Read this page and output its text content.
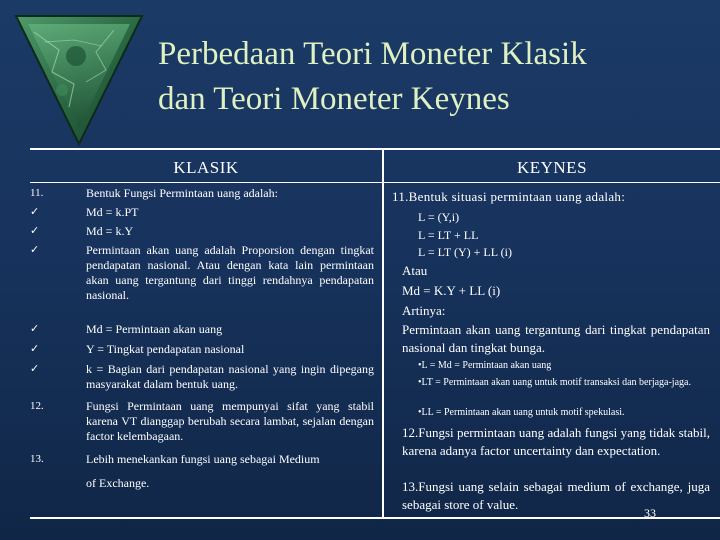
Perbedaan Teori Moneter Klasik
dan Teori Moneter Keynes
KLASIK	KEYNES
11.	Bentuk Fungsi Permintaan uang adalah:
✓	Md = k.PT
✓	Md = k.Y
✓	Permintaan akan uang adalah Proporsion dengan tingkat pendapatan nasional. Atau dengan kata lain permintaan akan uang tergantung dari tinggi rendahnya pendapatan nasional.
✓	Md = Permintaan akan uang
✓	Y = Tingkat pendapatan nasional
✓	k = Bagian dari pendapatan nasional yang ingin dipegang masyarakat dalam bentuk uang.
12.	Fungsi Permintaan uang mempunyai sifat yang stabil karena VT dianggap berubah secara lambat, sejalan dengan factor kelembagaan.
13.	Lebih menekankan fungsi uang sebagai Medium
of Exchange.
11.Bentuk situasi permintaan uang adalah:
L = (Y,i)
L = LT + LL
L = LT (Y) + LL (i)
Atau
Md = K.Y + LL (i)
Artinya:
Permintaan akan uang tergantung dari tingkat pendapatan nasional dan tingkat bunga.
•L = Md = Permintaan akan uang
•LT = Permintaan akan uang untuk motif transaksi dan berjaga-jaga.
•LL = Permintaan akan uang untuk motif spekulasi.
12.Fungsi permintaan uang adalah fungsi yang tidak stabil, karena adanya factor uncertainty dan expectation.
13.Fungsi uang selain sebagai medium of exchange, juga sebagai store of value.
33
